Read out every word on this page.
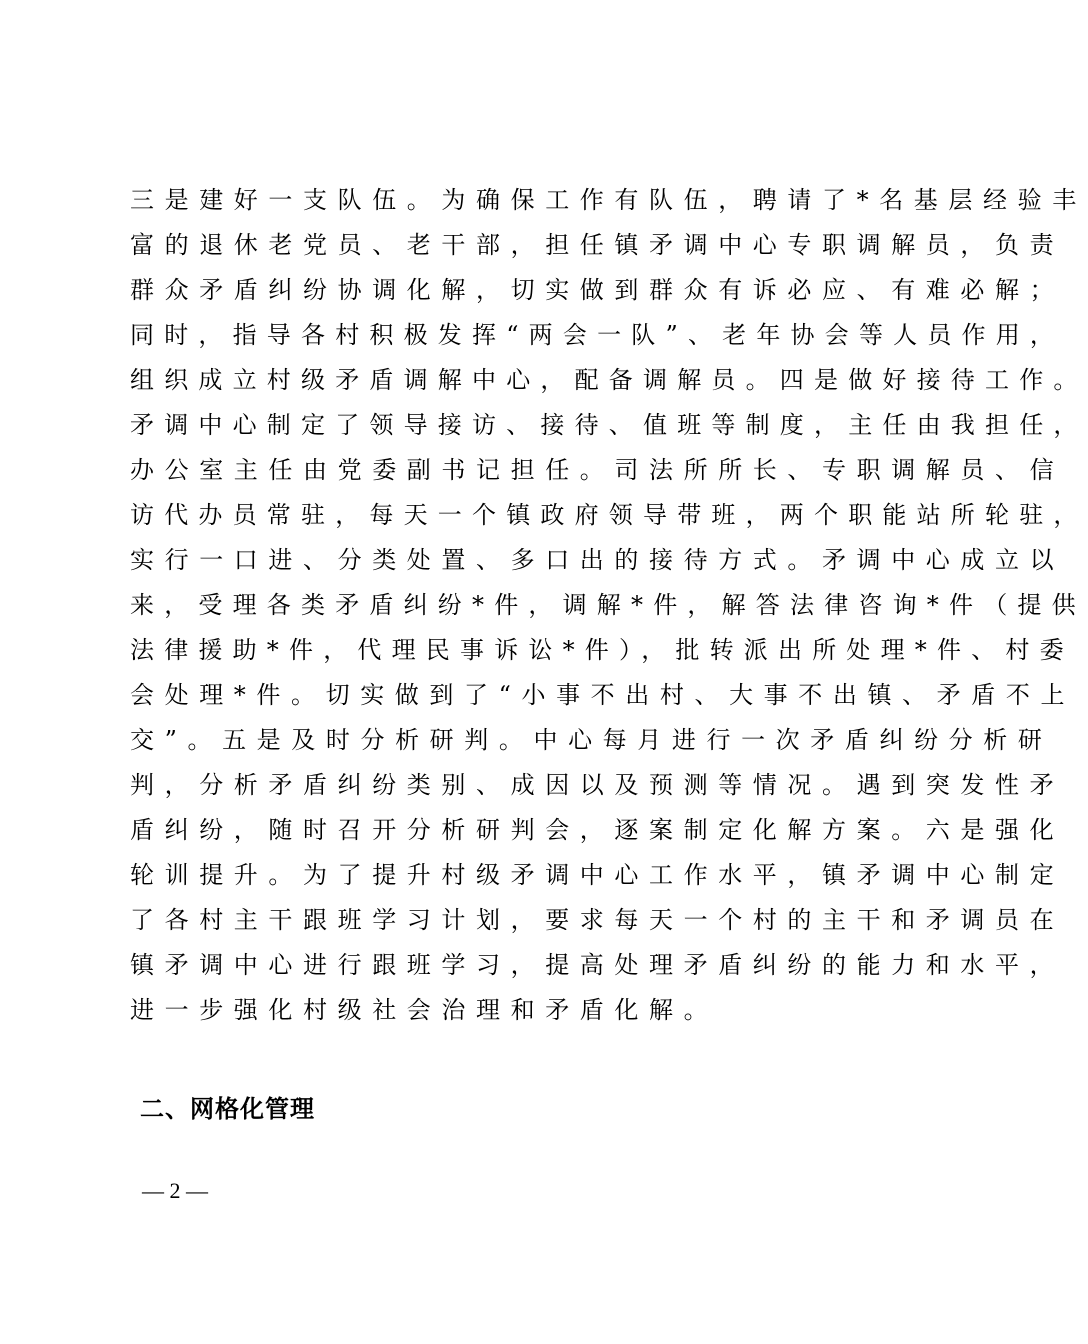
三是建好一支队伍。为确保工作有队伍，聘请了*名基层经验丰
富的退休老党员、老干部，担任镇矛调中心专职调解员，负责
群众矛盾纠纷协调化解，切实做到群众有诉必应、有难必解；
同时，指导各村积极发挥“两会一队”、老年协会等人员作用，
组织成立村级矛盾调解中心，配备调解员。四是做好接待工作。
矛调中心制定了领导接访、接待、值班等制度，主任由我担任，
办公室主任由党委副书记担任。司法所所长、专职调解员、信
访代办员常驻，每天一个镇政府领导带班，两个职能站所轮驻，
实行一口进、分类处置、多口出的接待方式。矛调中心成立以
来，受理各类矛盾纠纷*件，调解*件，解答法律咨询*件（提供
法律援助*件，代理民事诉讼*件），批转派出所处理*件、村委
会处理*件。切实做到了“小事不出村、大事不出镇、矛盾不上
交”。五是及时分析研判。中心每月进行一次矛盾纠纷分析研
判，分析矛盾纠纷类别、成因以及预测等情况。遇到突发性矛
盾纠纷，随时召开分析研判会，逐案制定化解方案。六是强化
轮训提升。为了提升村级矛调中心工作水平，镇矛调中心制定
了各村主干跟班学习计划，要求每天一个村的主干和矛调员在
镇矛调中心进行跟班学习，提高处理矛盾纠纷的能力和水平，
进一步强化村级社会治理和矛盾化解。
二、网格化管理
— 2 —
